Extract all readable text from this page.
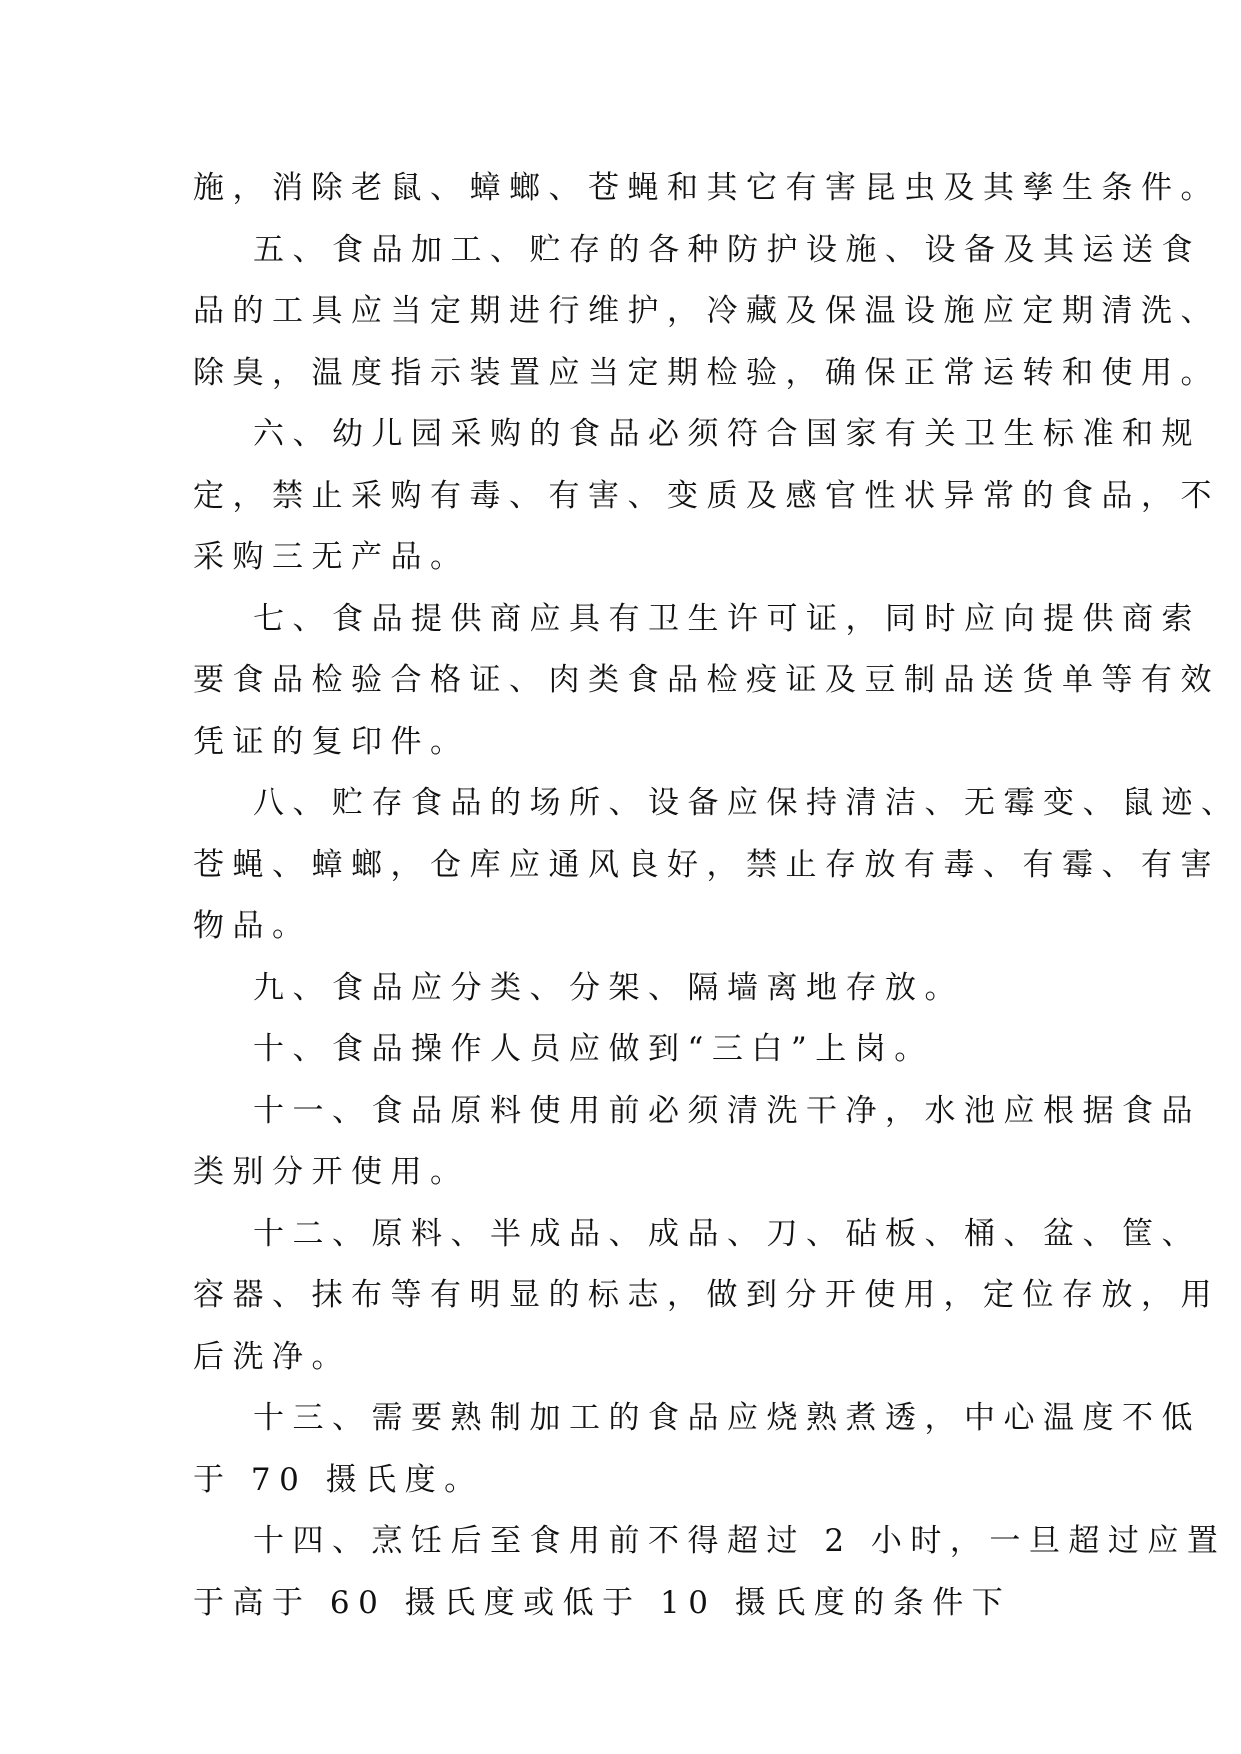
施，消除老鼠、蟑螂、苍蝇和其它有害昆虫及其孳生条件。
五、食品加工、贮存的各种防护设施、设备及其运送食
品的工具应当定期进行维护，冷藏及保温设施应定期清洗、
除臭，温度指示装置应当定期检验，确保正常运转和使用。
六、幼儿园采购的食品必须符合国家有关卫生标准和规
定，禁止采购有毒、有害、变质及感官性状异常的食品，不
采购三无产品。
七、食品提供商应具有卫生许可证，同时应向提供商索
要食品检验合格证、肉类食品检疫证及豆制品送货单等有效
凭证的复印件。
八、贮存食品的场所、设备应保持清洁、无霉变、鼠迹、
苍蝇、蟑螂，仓库应通风良好，禁止存放有毒、有霉、有害
物品。
九、食品应分类、分架、隔墙离地存放。
十、食品操作人员应做到“三白”上岗。
十一、食品原料使用前必须清洗干净，水池应根据食品
类别分开使用。
十二、原料、半成品、成品、刀、砧板、桶、盆、筐、
容器、抹布等有明显的标志，做到分开使用，定位存放，用
后洗净。
十三、需要熟制加工的食品应烧熟煮透，中心温度不低
于 70 摄氏度。
十四、烹饪后至食用前不得超过 2 小时，一旦超过应置
于高于 60 摄氏度或低于 10 摄氏度的条件下
